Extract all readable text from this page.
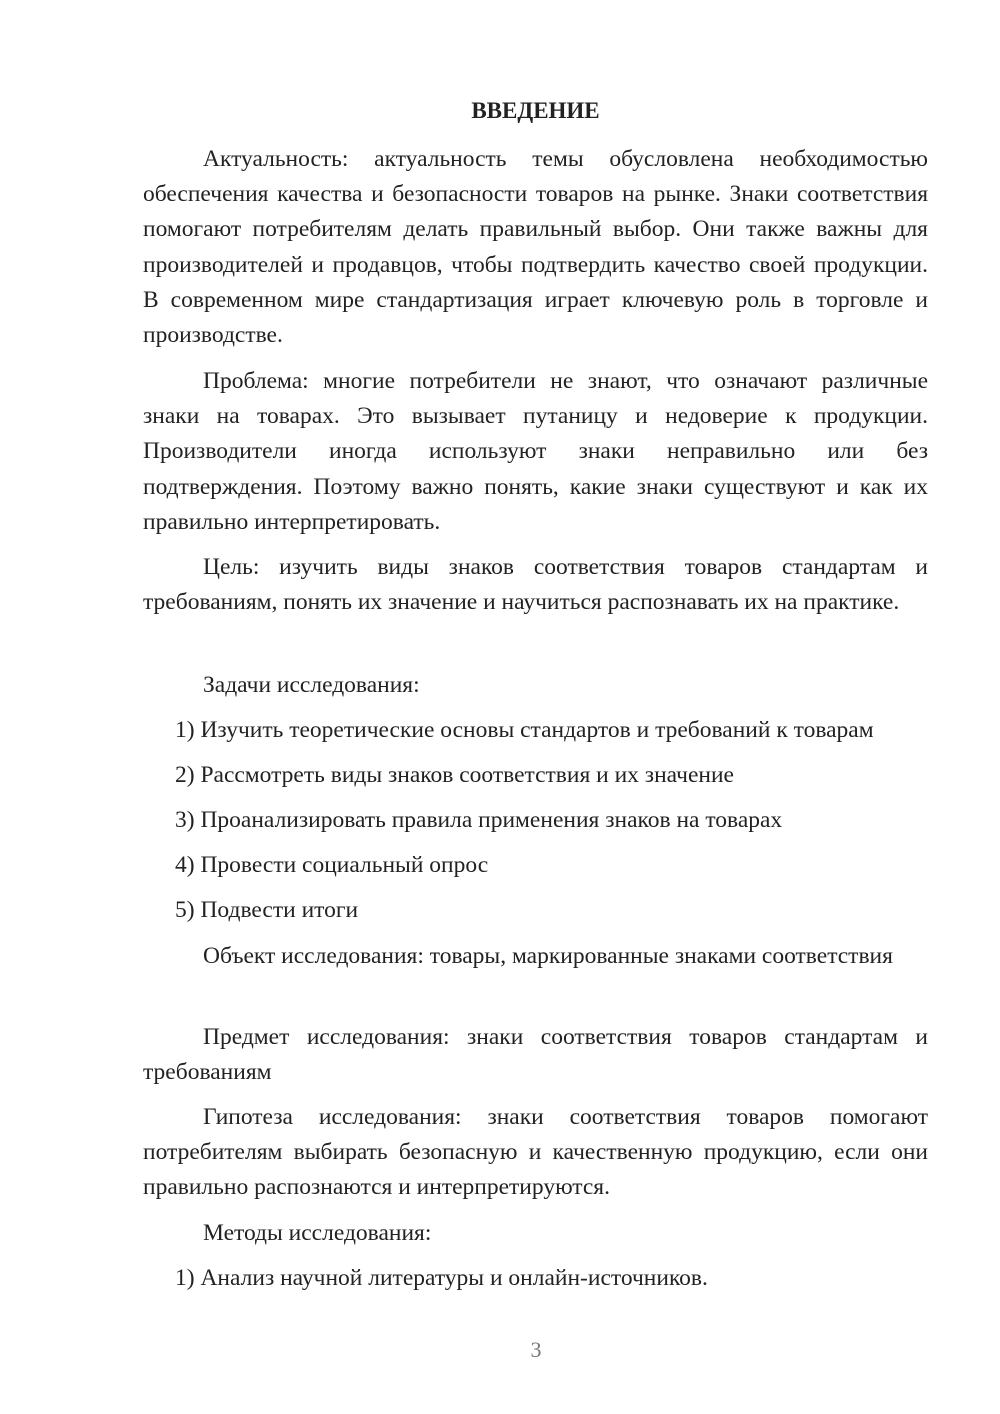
ВВЕДЕНИЕ

Актуальность: актуальность темы обусловлена необходимостью обеспечения качества и безопасности товаров на рынке. Знаки соответствия помогают потребителям делать правильный выбор. Они также важны для производителей и продавцов, чтобы подтвердить качество своей продукции. В современном мире стандартизация играет ключевую роль в торговле и производстве.

Проблема: многие потребители не знают, что означают различные знаки на товарах. Это вызывает путаницу и недоверие к продукции. Производители иногда используют знаки неправильно или без подтверждения. Поэтому важно понять, какие знаки существуют и как их правильно интерпретировать.

Цель: изучить виды знаков соответствия товаров стандартам и требованиям, понять их значение и научиться распознавать их на практике.

Задачи исследования:

1) Изучить теоретические основы стандартов и требований к товарам

2) Рассмотреть виды знаков соответствия и их значение

3) Проанализировать правила применения знаков на товарах

4) Провести социальный опрос

5) Подвести итоги

Объект исследования: товары, маркированные знаками соответствия

Предмет исследования: знаки соответствия товаров стандартам и требованиям

Гипотеза исследования: знаки соответствия товаров помогают потребителям выбирать безопасную и качественную продукцию, если они правильно распознаются и интерпретируются.

Методы исследования:

1) Анализ научной литературы и онлайн-источников.

3
